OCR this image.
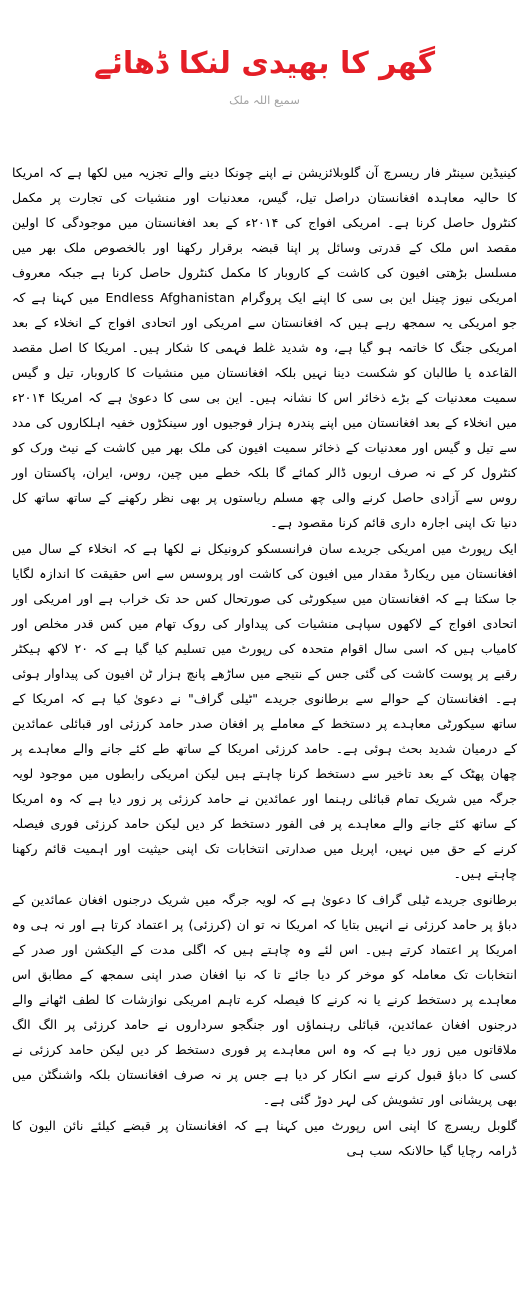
گھر کا بھیدی لنکا ڈھائے
سمیع اللہ ملک

کینیڈین سینٹر فار ریسرچ آن گلوبلائزیشن نے اپنے چونکا دینے والے تجزیہ میں لکھا ہے کہ امریکا کا حالیہ معاہدہ افغانستان دراصل تیل، گیس، معدنیات اور منشیات کی تجارت پر مکمل کنٹرول حاصل کرنا ہے۔ امریکی افواج کی ۲۰۱۴ء کے بعد افغانستان میں موجودگی کا اولین مقصد اس ملک کے قدرتی وسائل پر اپنا قبضہ برقرار رکھنا اور بالخصوص ملک بھر میں مسلسل بڑھتی افیون کی کاشت کے کاروبار کا مکمل کنٹرول حاصل کرنا ہے جبکہ معروف امریکی نیوز چینل این بی سی کا اپنے ایک پروگرام Endless Afghanistan میں کہنا ہے کہ جو امریکی یہ سمجھ رہے ہیں کہ افغانستان سے امریکی اور اتحادی افواج کے انخلاء کے بعد امریکی جنگ کا خاتمہ ہو گیا ہے، وہ شدید غلط فہمی کا شکار ہیں۔ امریکا کا اصل مقصد القاعدہ یا طالبان کو شکست دینا نہیں بلکہ افغانستان میں منشیات کا کاروبار، تیل و گیس سمیت معدنیات کے بڑے ذخائر اس کا نشانہ ہیں۔ این بی سی کا دعویٰ ہے کہ امریکا ۲۰۱۴ء میں انخلاء کے بعد افغانستان میں اپنے پندرہ ہزار فوجیوں اور سینکڑوں خفیہ اہلکاروں کی مدد سے تیل و گیس اور معدنیات کے ذخائر سمیت افیون کی ملک بھر میں کاشت کے نیٹ ورک کو کنٹرول کر کے نہ صرف اربوں ڈالر کمائے گا بلکہ خطے میں چین، روس، ایران، پاکستان اور روس سے آزادی حاصل کرنے والی چھ مسلم ریاستوں پر بھی نظر رکھنے کے ساتھ ساتھ کل دنیا تک اپنی اجارہ داری قائم کرنا مقصود ہے۔

ایک رپورٹ میں امریکی جریدے سان فرانسسکو کرونیکل نے لکھا ہے کہ انخلاء کے سال میں افغانستان میں ریکارڈ مقدار میں افیون کی کاشت اور پروسس سے اس حقیقت کا اندازہ لگایا جا سکتا ہے کہ افغانستان میں سیکورٹی کی صورتحال کس حد تک خراب ہے اور امریکی اور اتحادی افواج کے لاکھوں سپاہی منشیات کی پیداوار کی روک تھام میں کس قدر مخلص اور کامیاب ہیں کہ اسی سال اقوام متحدہ کی رپورٹ میں تسلیم کیا گیا ہے کہ ۲۰ لاکھ ہیکٹر رقبے پر پوست کاشت کی گئی جس کے نتیجے میں ساڑھے پانچ ہزار ٹن افیون کی پیداوار ہوئی ہے۔ افغانستان کے حوالے سے برطانوی جریدے "ٹیلی گراف" نے دعویٰ کیا ہے کہ امریکا کے ساتھ سیکورٹی معاہدے پر دستخط کے معاملے پر افغان صدر حامد کرزئی اور قبائلی عمائدین کے درمیان شدید بحث ہوئی ہے۔ حامد کرزئی امریکا کے ساتھ طے کئے جانے والے معاہدے پر چھان پھٹک کے بعد تاخیر سے دستخط کرنا چاہتے ہیں لیکن امریکی رابطوں میں موجود لویہ جرگہ میں شریک تمام قبائلی رہنما اور عمائدین نے حامد کرزئی پر زور دیا ہے کہ وہ امریکا کے ساتھ کئے جانے والے معاہدے پر فی الفور دستخط کر دیں لیکن حامد کرزئی فوری فیصلہ کرنے کے حق میں نہیں، اپریل میں صدارتی انتخابات تک اپنی حیثیت اور اہمیت قائم رکھنا چاہتے ہیں۔

برطانوی جریدے ٹیلی گراف کا دعویٰ ہے کہ لویہ جرگہ میں شریک درجنوں افغان عمائدین کے دباؤ پر حامد کرزئی نے انہیں بتایا کہ امریکا نہ تو ان (کرزئی) پر اعتماد کرتا ہے اور نہ ہی وہ امریکا پر اعتماد کرتے ہیں۔ اس لئے وہ چاہتے ہیں کہ اگلی مدت کے الیکشن اور صدر کے انتخابات تک معاملہ کو موخر کر دیا جائے تا کہ نیا افغان صدر اپنی سمجھ کے مطابق اس معاہدے پر دستخط کرنے یا نہ کرنے کا فیصلہ کرے تاہم امریکی نوازشات کا لطف اٹھانے والے درجنوں افغان عمائدین، قبائلی رہنماؤں اور جنگجو سرداروں نے حامد کرزئی پر الگ الگ ملاقاتوں میں زور دیا ہے کہ وہ اس معاہدے پر فوری دستخط کر دیں لیکن حامد کرزئی نے کسی کا دباؤ قبول کرنے سے انکار کر دیا ہے جس پر نہ صرف افغانستان بلکہ واشنگٹن میں بھی پریشانی اور تشویش کی لہر دوڑ گئی ہے۔

گلوبل ریسرچ کا اپنی اس رپورٹ میں کہنا ہے کہ افغانستان پر قبضے کیلئے نائن الیون کا ڈرامہ رچایا گیا حالانکہ سب ہی
